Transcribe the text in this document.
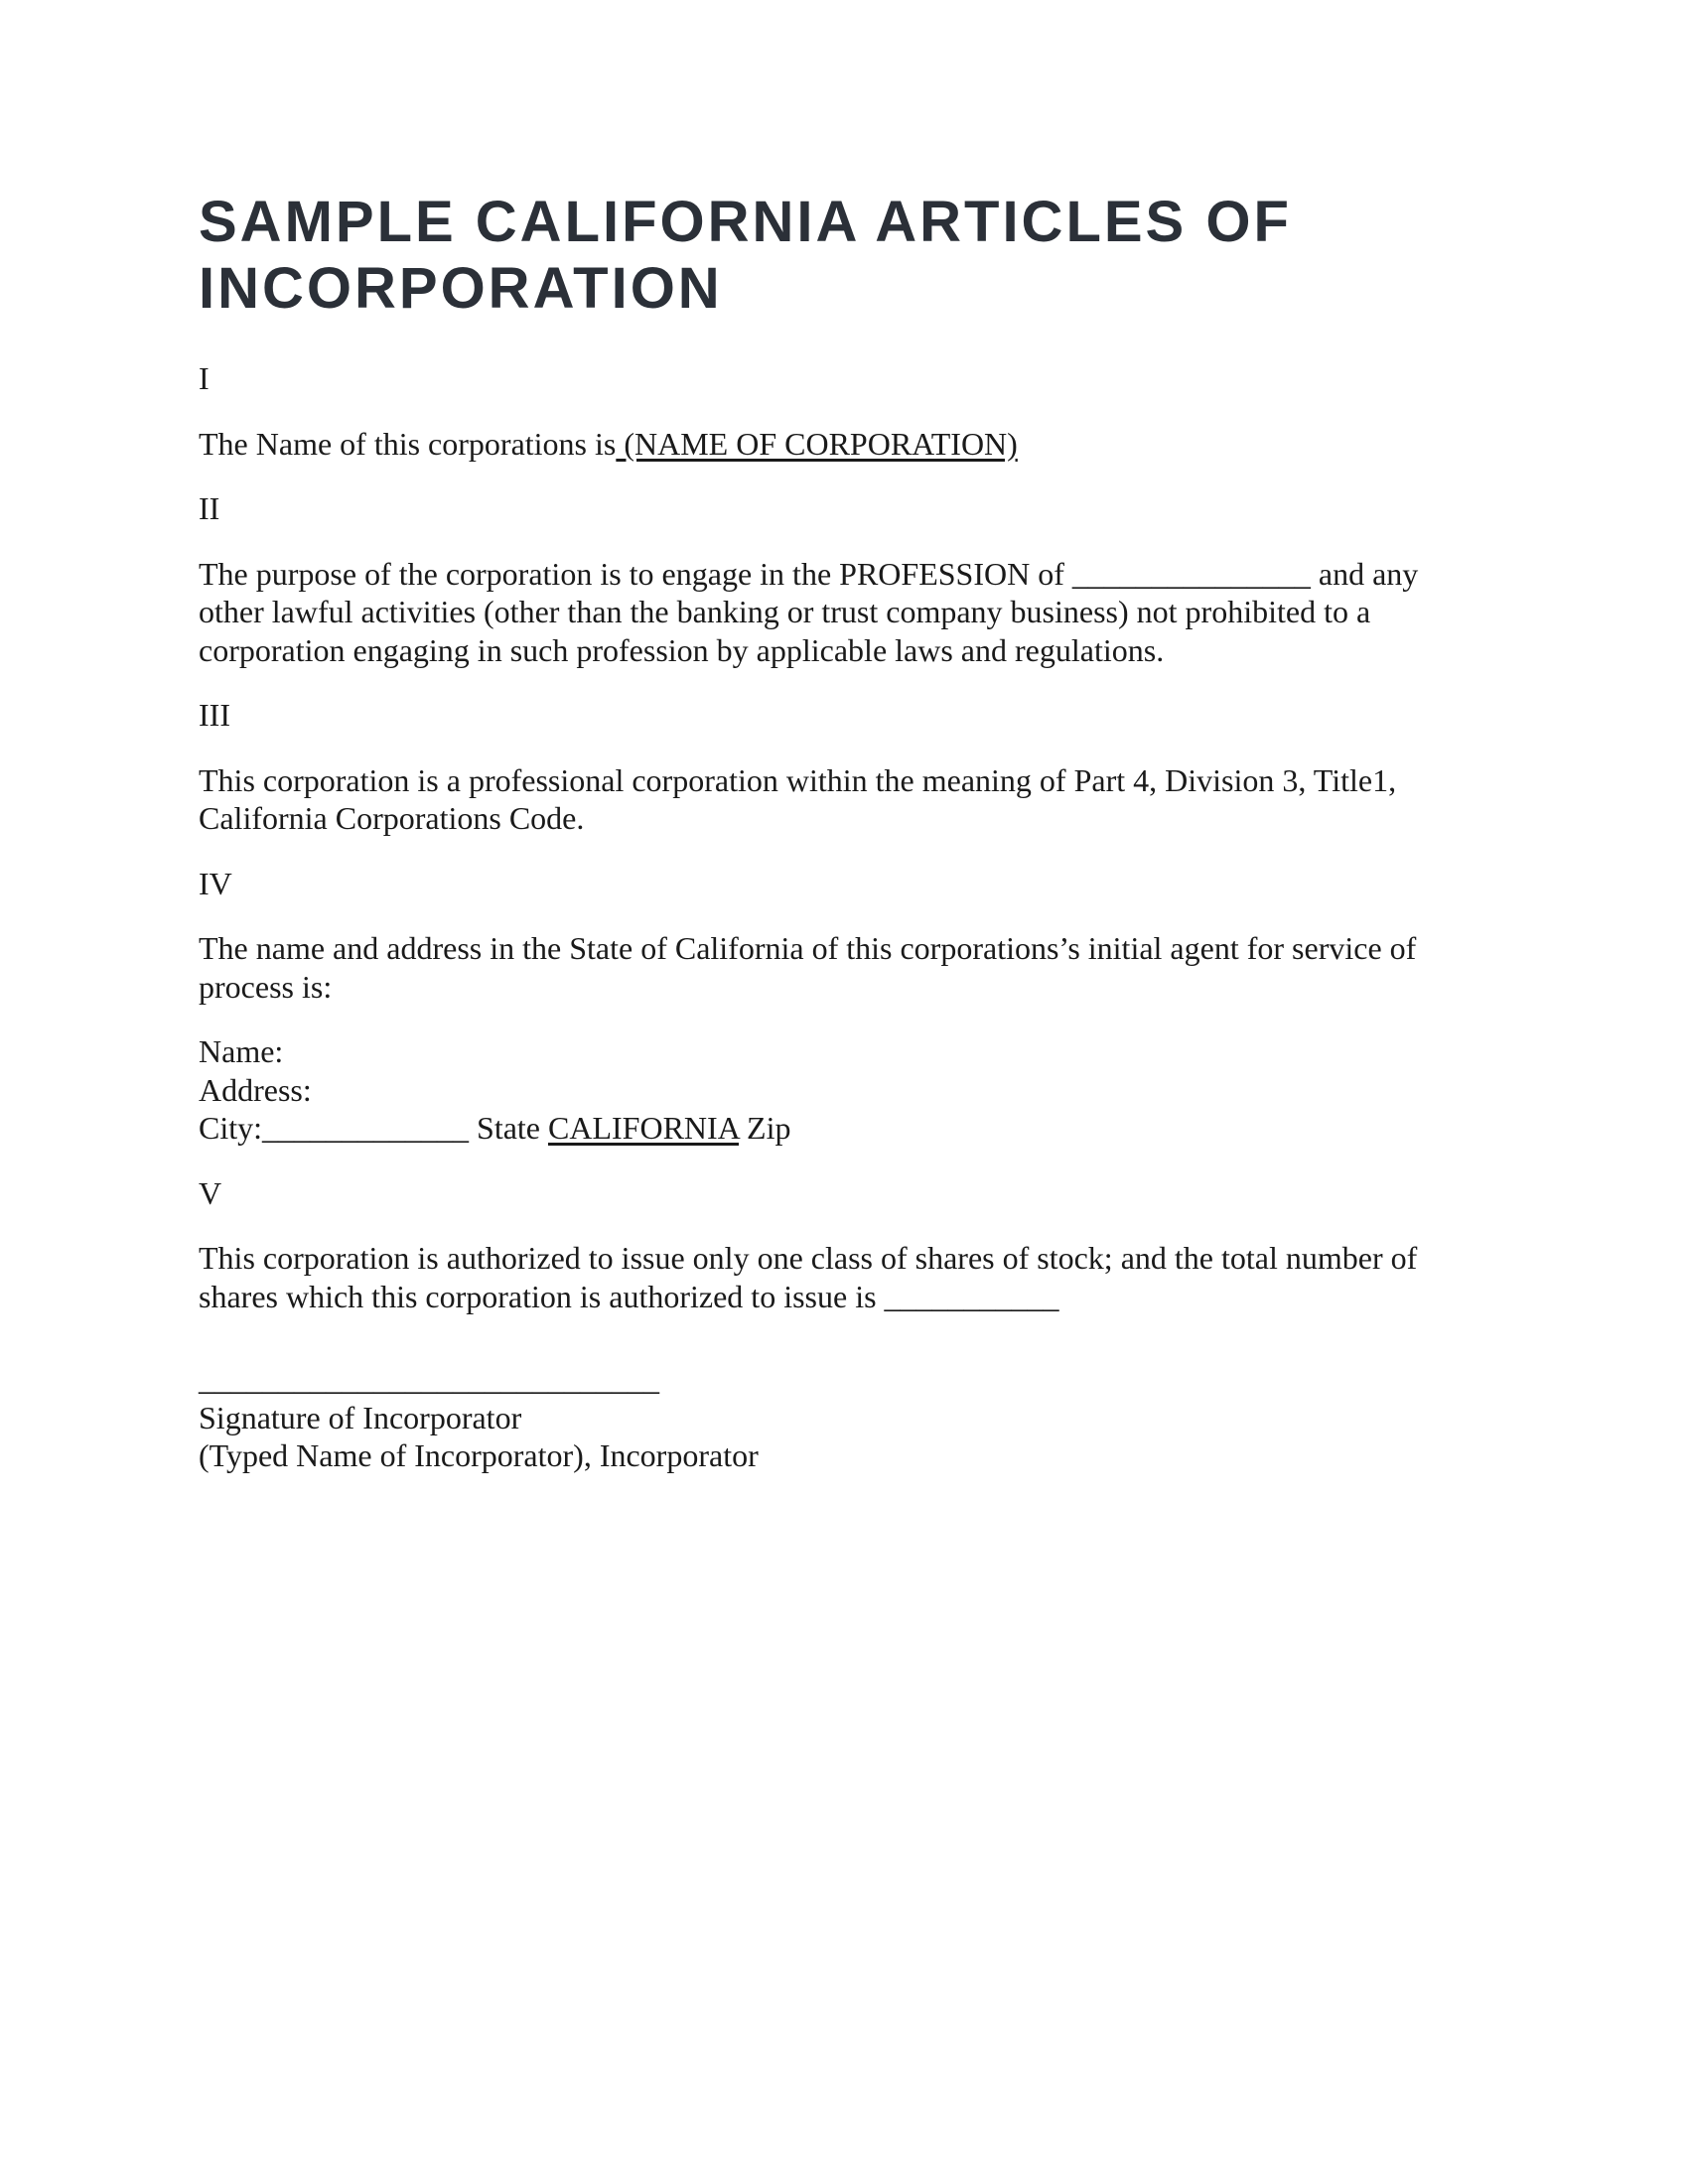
SAMPLE CALIFORNIA ARTICLES OF
INCORPORATION
I
The Name of this corporations is (NAME OF CORPORATION)
II
The purpose of the corporation is to engage in the PROFESSION of _______________ and any
other lawful activities (other than the banking or trust company business) not prohibited to a
corporation engaging in such profession by applicable laws and regulations.
III
This corporation is a professional corporation within the meaning of Part 4, Division 3, Title1,
California Corporations Code.
IV
The name and address in the State of California of this corporations’s initial agent for service of
process is:
Name:
Address:
City:_____________ State CALIFORNIA Zip
V
This corporation is authorized to issue only one class of shares of stock; and the total number of
shares which this corporation is authorized to issue is ___________
_____________________________
Signature of Incorporator
(Typed Name of Incorporator), Incorporator
